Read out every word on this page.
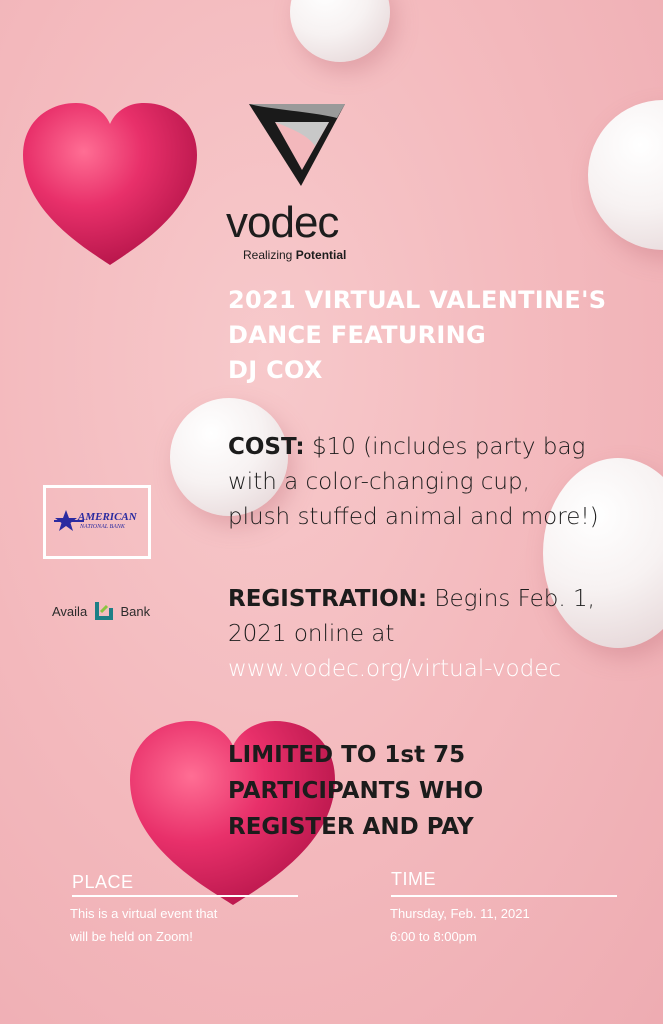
vodec
Realizing Potential
2021 VIRTUAL VALENTINE'S
DANCE FEATURING
DJ COX
COST: $10 (includes party bag
with a color-changing cup,
plush stuffed animal and more!)
REGISTRATION: Begins Feb. 1,
2021 online at
www.vodec.org/virtual-vodec
LIMITED TO 1st 75
PARTICIPANTS WHO
REGISTER AND PAY
AMERICAN
NATIONAL BANK
Availa	Bank
PLACE
This is a virtual event that
will be held on Zoom!
TIME
Thursday, Feb. 11, 2021
6:00 to 8:00pm
